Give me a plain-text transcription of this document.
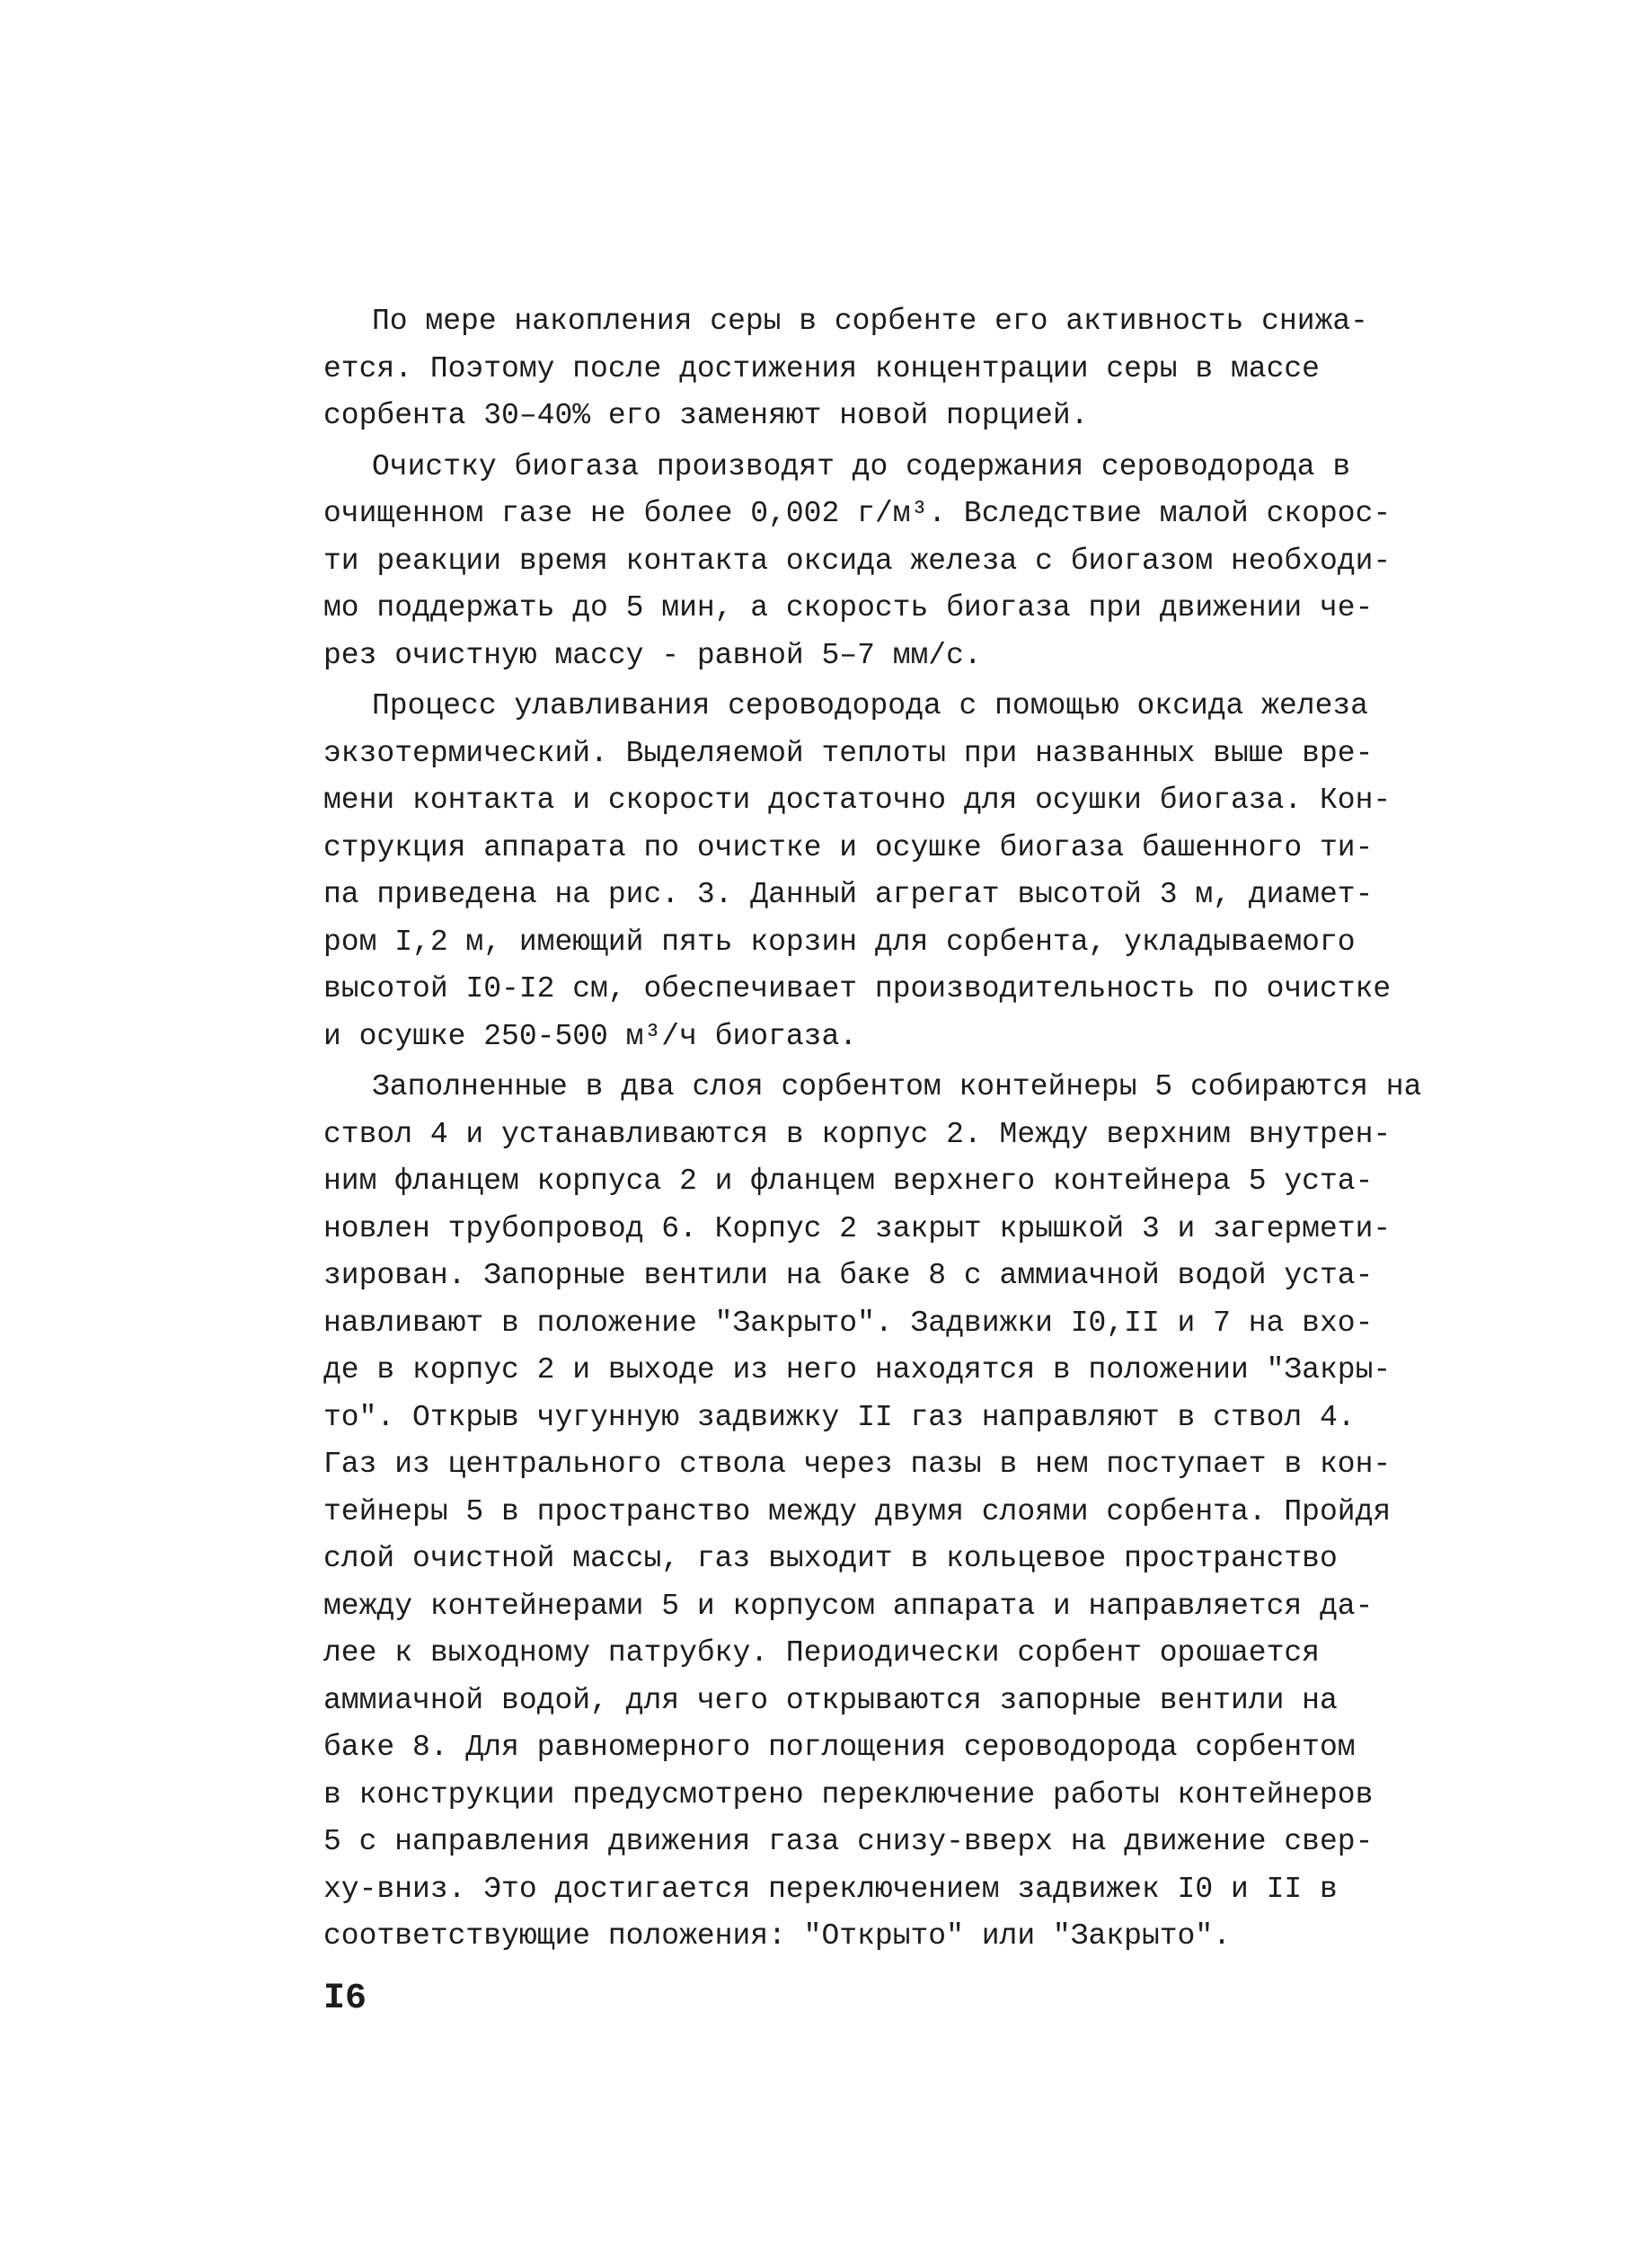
По мере накопления серы в сорбенте его активность снижа-
ется. Поэтому после достижения концентрации серы в массе
сорбента 30–40% его заменяют новой порцией.
Очистку биогаза производят до содержания сероводорода в
очищенном газе не более 0,002 г/м³. Вследствие малой скорос-
ти реакции время контакта оксида железа с биогазом необходи-
мо поддержать до 5 мин, а скорость биогаза при движении че-
рез очистную массу - равной 5–7 мм/с.
Процесс улавливания сероводорода с помощью оксида железа
экзотермический. Выделяемой теплоты при названных выше вре-
мени контакта и скорости достаточно для осушки биогаза. Кон-
струкция аппарата по очистке и осушке биогаза башенного ти-
па приведена на рис. 3. Данный агрегат высотой 3 м, диамет-
ром I,2 м, имеющий пять корзин для сорбента, укладываемого
высотой I0-I2 см, обеспечивает производительность по очистке
и осушке 250-500 м³/ч биогаза.
Заполненные в два слоя сорбентом контейнеры 5 собираются на
ствол 4 и устанавливаются в корпус 2. Между верхним внутрен-
ним фланцем корпуса 2 и фланцем верхнего контейнера 5 уста-
новлен трубопровод 6. Корпус 2 закрыт крышкой 3 и загермети-
зирован. Запорные вентили на баке 8 с аммиачной водой уста-
навливают в положение "Закрыто". Задвижки I0,II и 7 на вхо-
де в корпус 2 и выходе из него находятся в положении "Закры-
то". Открыв чугунную задвижку II газ направляют в ствол 4.
Газ из центрального ствола через пазы в нем поступает в кон-
тейнеры 5 в пространство между двумя слоями сорбента. Пройдя
слой очистной массы, газ выходит в кольцевое пространство
между контейнерами 5 и корпусом аппарата и направляется да-
лее к выходному патрубку. Периодически сорбент орошается
аммиачной водой, для чего открываются запорные вентили на
баке 8. Для равномерного поглощения сероводорода сорбентом
в конструкции предусмотрено переключение работы контейнеров
5 с направления движения газа снизу-вверх на движение свер-
ху-вниз. Это достигается переключением задвижек I0 и II в
соответствующие положения: "Открыто" или "Закрыто".
I6
